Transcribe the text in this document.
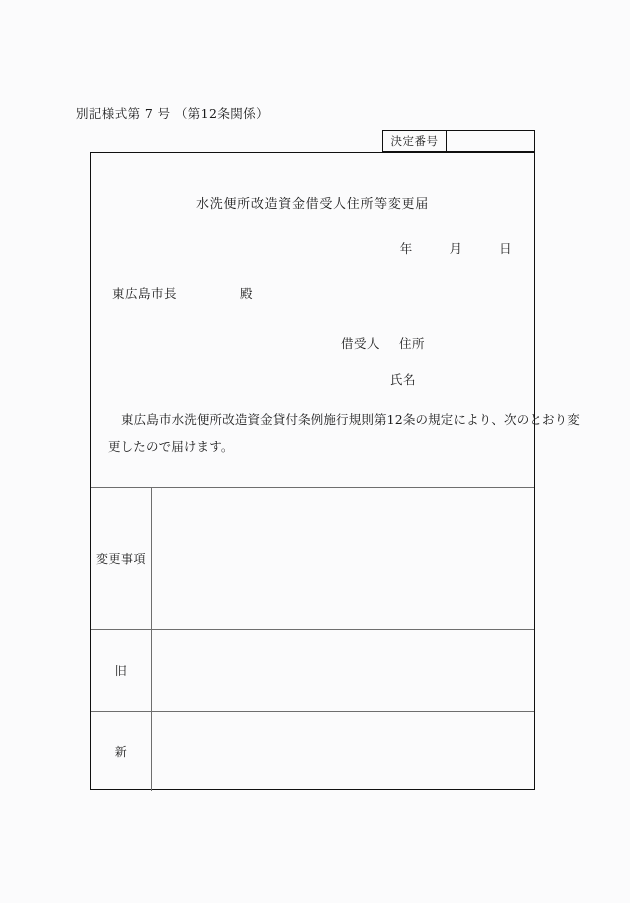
別記様式第 7 号 （第12条関係）
決定番号
水洗便所改造資金借受人住所等変更届
年	月	日
東広島市長	殿
借受人 住所
氏名
東広島市水洗便所改造資金貸付条例施行規則第12条の規定により、次のとおり変
更したので届けます。
変更事項
旧
新
